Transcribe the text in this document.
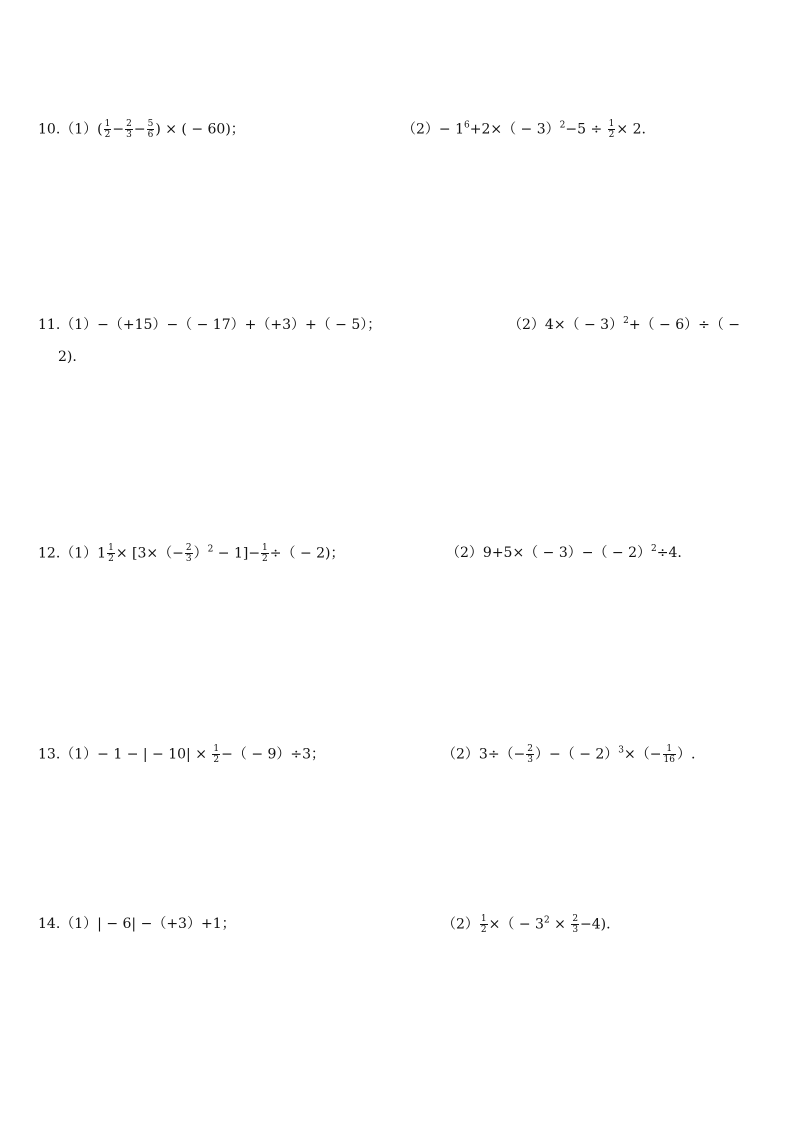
$10.(1)( \frac{1}{2} - \frac{2}{3} - \frac{5}{6}$ ) × ( − 60)；	$(2)- 1^6+2\times( - 3)^2-5 \div \frac{1}{2} \times 2$.
11.（1）−（+15）−（ − 17）+（+3）+（ − 5）；	$(2)4\times( - 3)^2+( - 6)\div$（ −
2).
$12.(1)1 \frac{1}{2} \times [3\times(- \frac{2}{3} )^2 - 1]- \frac{1}{2}$ ÷（ − 2)；	$(2)9+5\times( - 3)-( - 2)^2\div 4$.
13.（1）− 1 − | − $10| \times \frac{1}{2}$ −（ − 9）÷3；	$(2)3\div(- \frac{2}{3}$ ）−（ − $2)^3\times(- \frac{1}{16}$ ）.
14.（1）| − 6| −（+3）+1；	$(2) \frac{1}{2}$ ×（ − $3^2 \times \frac{2}{3} -4$).
